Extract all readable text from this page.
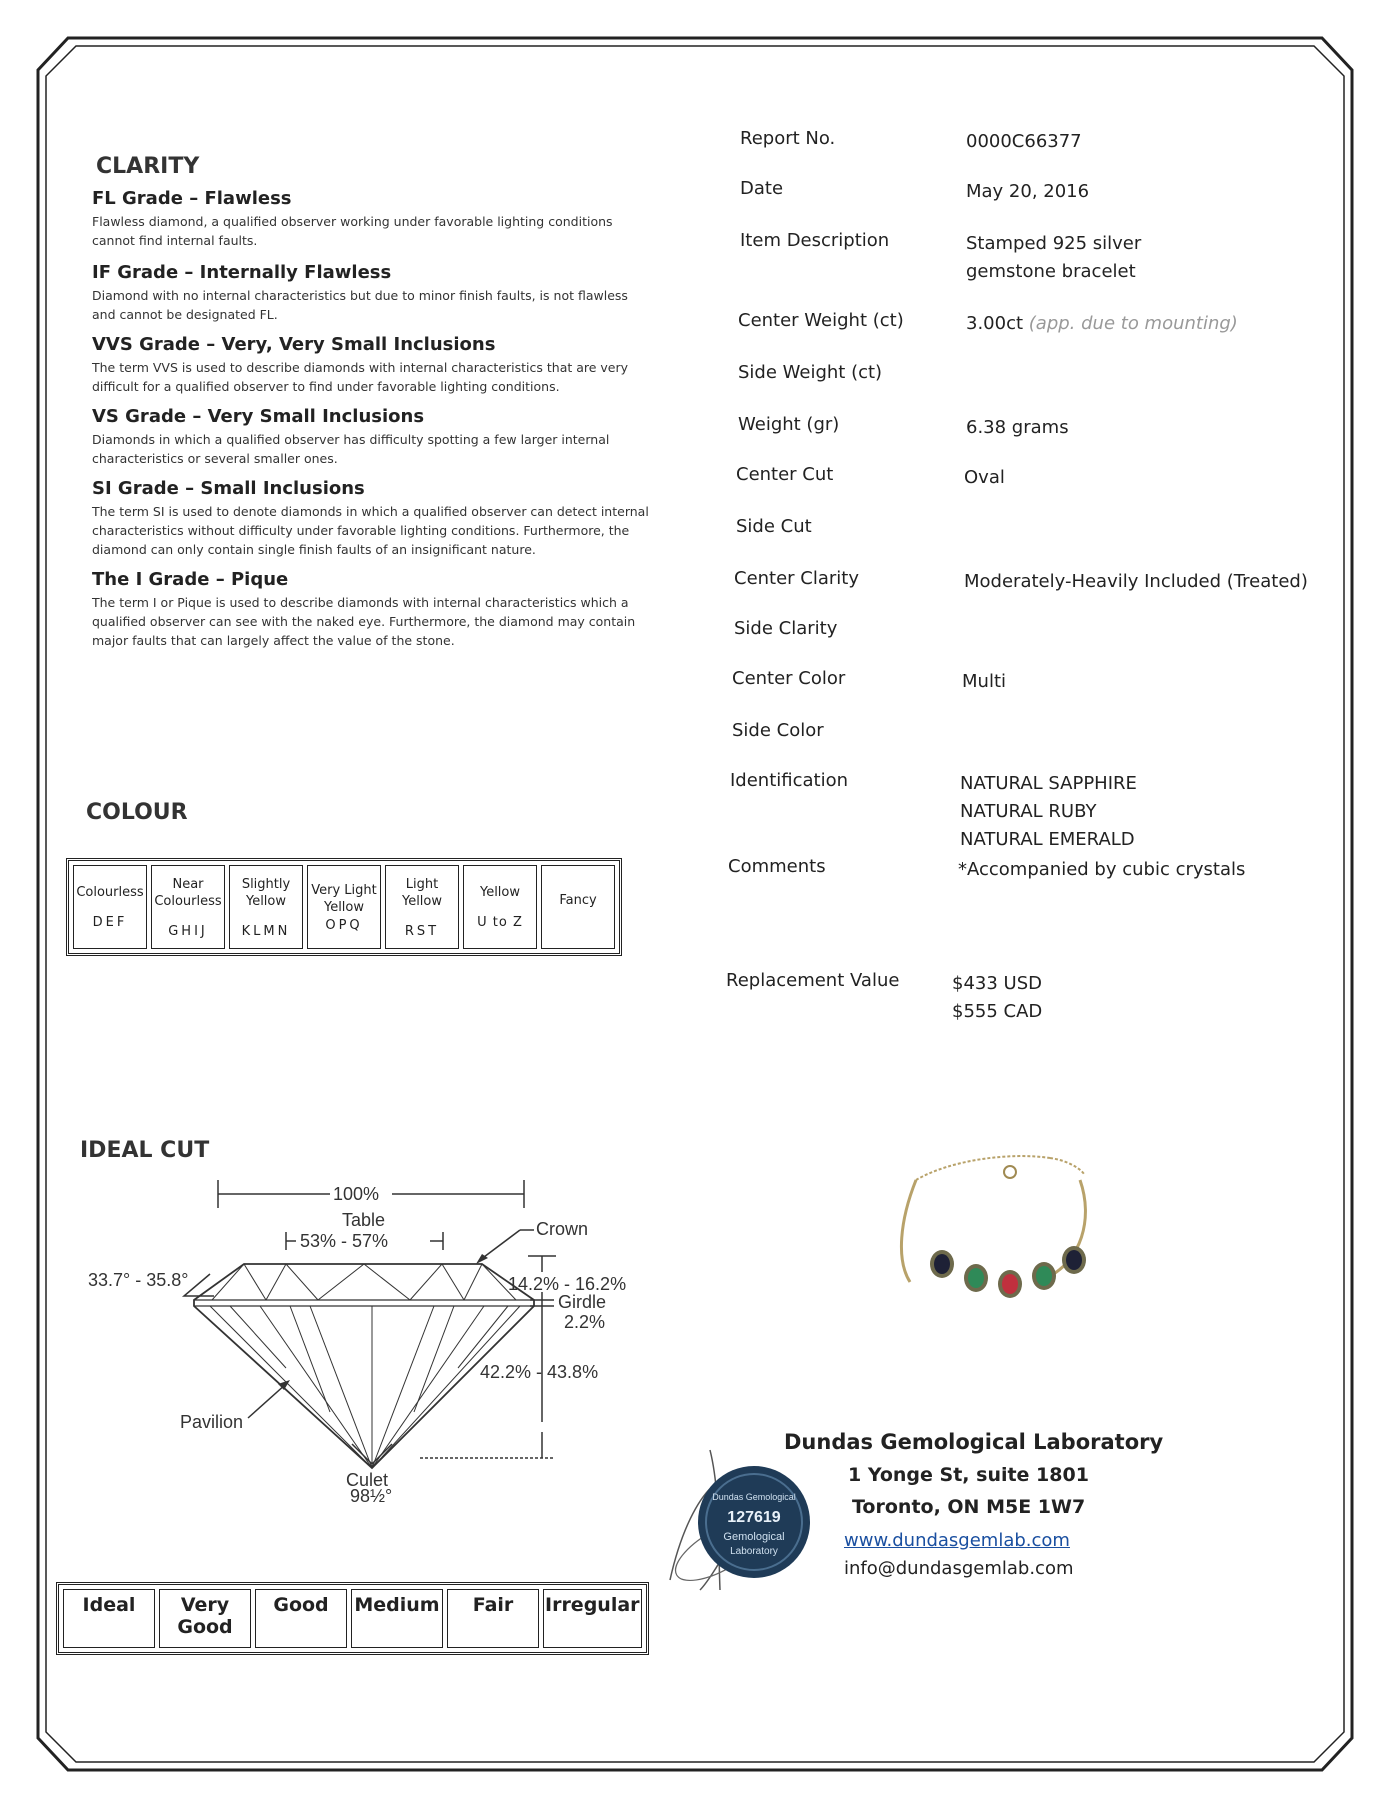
CLARITY
FL Grade – Flawless
Flawless diamond, a qualified observer working under favorable lighting conditions cannot find internal faults.
IF Grade – Internally Flawless
Diamond with no internal characteristics but due to minor finish faults, is not flawless and cannot be designated FL.
VVS Grade – Very, Very Small Inclusions
The term VVS is used to describe diamonds with internal characteristics that are very difficult for a qualified observer to find under favorable lighting conditions.
VS Grade – Very Small Inclusions
Diamonds in which a qualified observer has difficulty spotting a few larger internal characteristics or several smaller ones.
SI Grade – Small Inclusions
The term SI is used to denote diamonds in which a qualified observer can detect internal characteristics without difficulty under favorable lighting conditions. Furthermore, the diamond can only contain single finish faults of an insignificant nature.
The I Grade – Pique
The term I or Pique is used to describe diamonds with internal characteristics which a qualified observer can see with the naked eye. Furthermore, the diamond may contain major faults that can largely affect the value of the stone.
COLOUR
Colourless
DEF

Near Colourless
GHIJ

Slightly Yellow
KLMN

Very Light Yellow
OPQ

Light Yellow
RST

Yellow
U to Z

Fancy
IDEAL CUT
100%
Table
53% - 57%
Crown
33.7° - 35.8°	14.2% - 16.2%
Girdle
2.2%
42.2% - 43.8%
Pavilion
Culet
98½°
Ideal	Very Good	Good	Medium	Fair	Irregular
Report No.	0000C66377
Date	May 20, 2016
Item Description	Stamped 925 silver
gemstone bracelet
Center Weight (ct)	3.00ct (app. due to mounting)
Side Weight (ct)
Weight (gr)	6.38 grams
Center Cut	Oval
Side Cut
Center Clarity	Moderately-Heavily Included (Treated)
Side Clarity
Center Color	Multi
Side Color
Identification	NATURAL SAPPHIRE
NATURAL RUBY
NATURAL EMERALD
Comments	*Accompanied by cubic crystals
Replacement Value	$433 USD
$555 CAD
Dundas Gemological
127619
Gemological
Laboratory
Dundas Gemological Laboratory
1 Yonge St, suite 1801
Toronto, ON M5E 1W7
www.dundasgemlab.com
info@dundasgemlab.com
